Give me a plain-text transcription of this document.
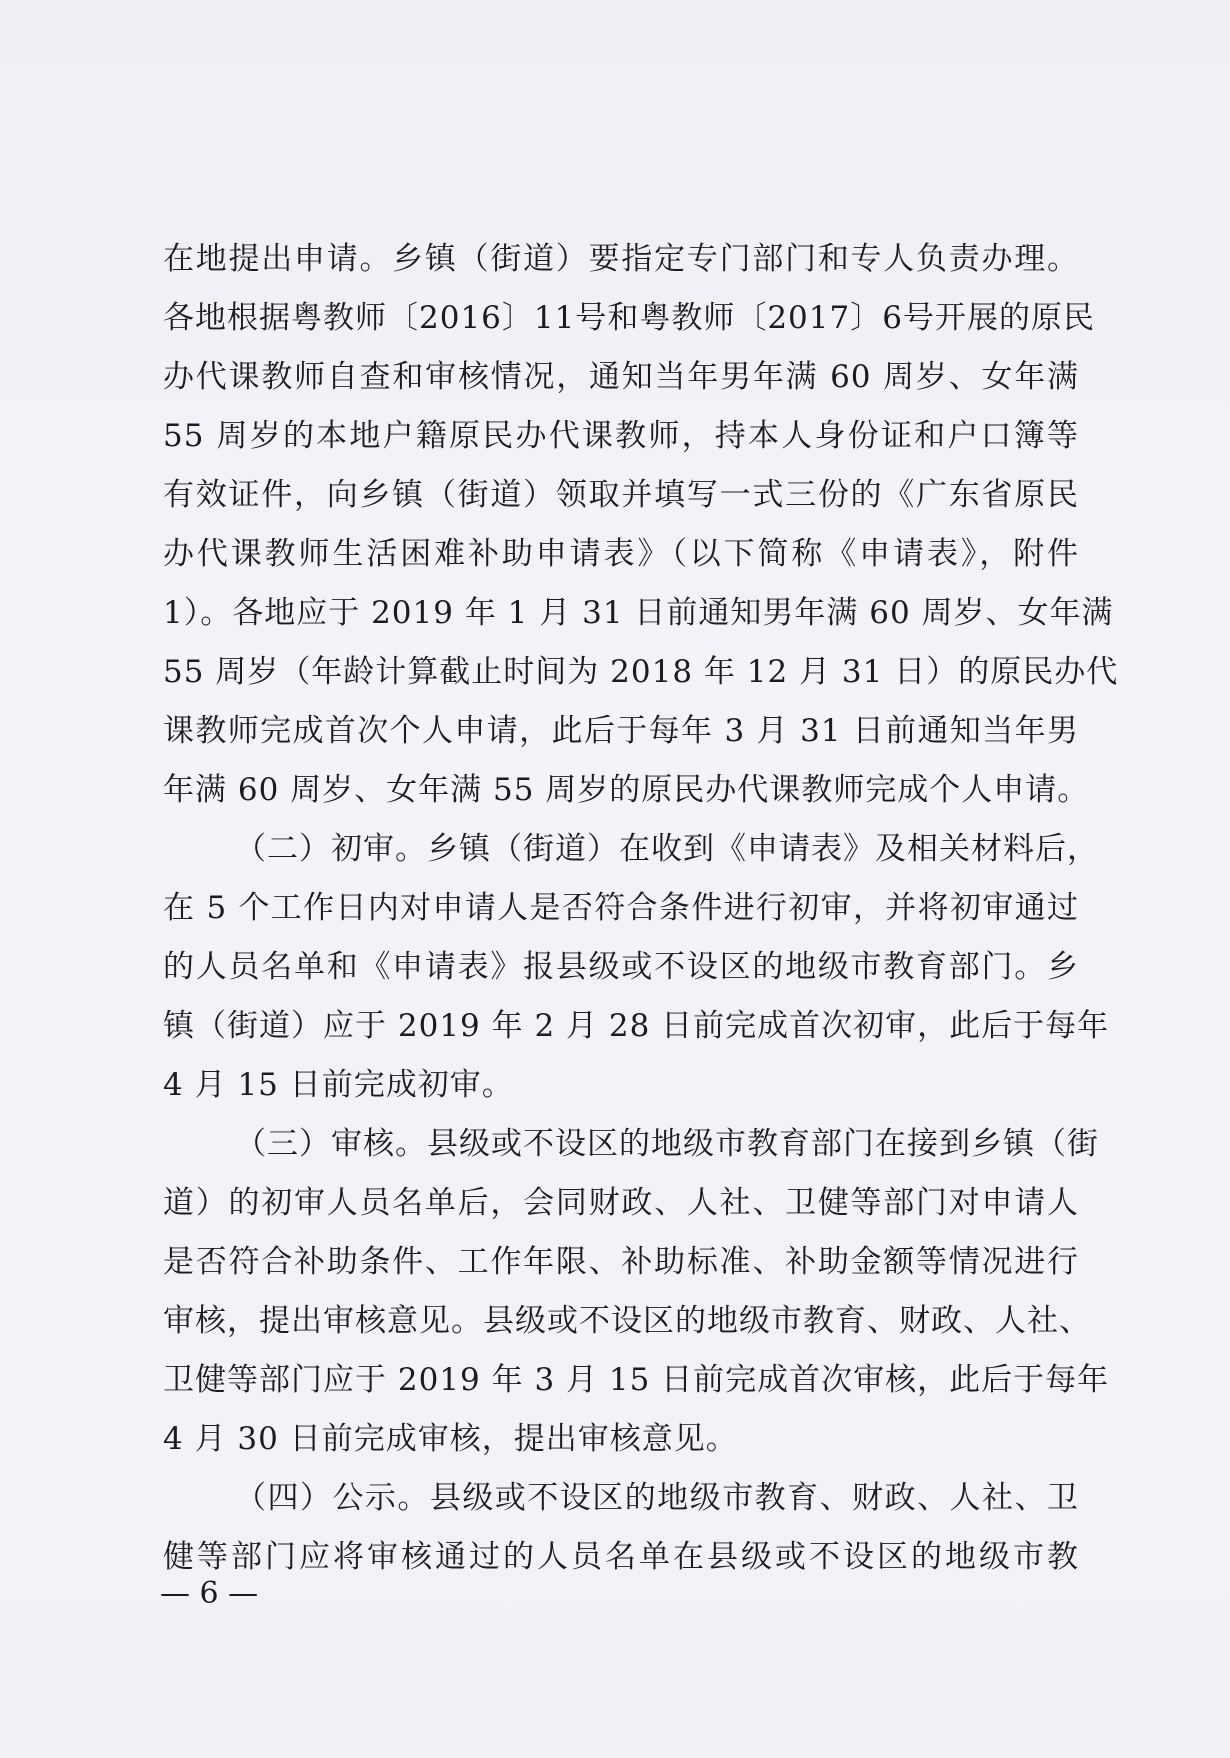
在地提出申请。乡镇（街道）要指定专门部门和专人负责办理。
各地根据粤教师〔2016〕11号和粤教师〔2017〕6号开展的原民
办代课教师自查和审核情况，通知当年男年满 60 周岁、女年满
55 周岁的本地户籍原民办代课教师，持本人身份证和户口簿等
有效证件，向乡镇（街道）领取并填写一式三份的《广东省原民
办代课教师生活困难补助申请表》（以下简称《申请表》，附件
1）。各地应于 2019 年 1 月 31 日前通知男年满 60 周岁、女年满
55 周岁（年龄计算截止时间为 2018 年 12 月 31 日）的原民办代
课教师完成首次个人申请，此后于每年 3 月 31 日前通知当年男
年满 60 周岁、女年满 55 周岁的原民办代课教师完成个人申请。
（二）初审。乡镇（街道）在收到《申请表》及相关材料后，
在 5 个工作日内对申请人是否符合条件进行初审，并将初审通过
的人员名单和《申请表》报县级或不设区的地级市教育部门。乡
镇（街道）应于 2019 年 2 月 28 日前完成首次初审，此后于每年
4 月 15 日前完成初审。
（三）审核。县级或不设区的地级市教育部门在接到乡镇（街
道）的初审人员名单后，会同财政、人社、卫健等部门对申请人
是否符合补助条件、工作年限、补助标准、补助金额等情况进行
审核，提出审核意见。县级或不设区的地级市教育、财政、人社、
卫健等部门应于 2019 年 3 月 15 日前完成首次审核，此后于每年
4 月 30 日前完成审核，提出审核意见。
（四）公示。县级或不设区的地级市教育、财政、人社、卫
健等部门应将审核通过的人员名单在县级或不设区的地级市教
— 6 —
